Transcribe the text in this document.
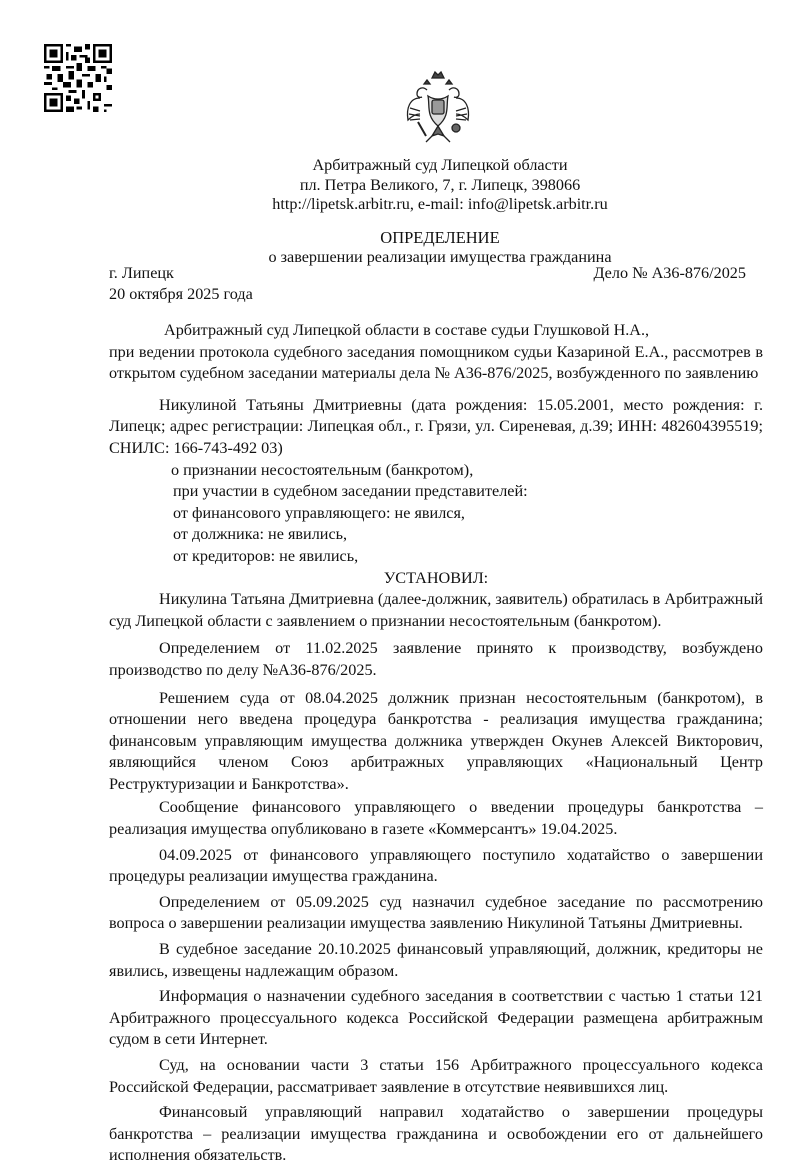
Арбитражный суд Липецкой области
пл. Петра Великого, 7, г. Липецк, 398066
http://lipetsk.arbitr.ru, e-mail: info@lipetsk.arbitr.ru
ОПРЕДЕЛЕНИЕ
о завершении реализации имущества гражданина
г. Липецк	Дело № А36-876/2025
20 октября 2025 года

Арбитражный суд Липецкой области в составе судьи Глушковой Н.А.,

при ведении протокола судебного заседания помощником судьи Казариной Е.А., рассмотрев в открытом судебном заседании материалы дела № А36-876/2025, возбужденного по заявлению

Никулиной Татьяны Дмитриевны (дата рождения: 15.05.2001, место рождения: г. Липецк; адрес регистрации: Липецкая обл., г. Грязи, ул. Сиреневая, д.39; ИНН: 482604395519; СНИЛС: 166-743-492 03)

о признании несостоятельным (банкротом),

при участии в судебном заседании представителей:

от финансового управляющего: не явился,

от должника: не явились,

от кредиторов: не явились,

УСТАНОВИЛ:

Никулина Татьяна Дмитриевна (далее-должник, заявитель) обратилась в Арбитражный суд Липецкой области с заявлением о признании несостоятельным (банкротом).

Определением от 11.02.2025 заявление принято к производству, возбуждено производство по делу №А36-876/2025.

Решением суда от 08.04.2025 должник признан несостоятельным (банкротом), в отношении него введена процедура банкротства - реализация имущества гражданина; финансовым управляющим имущества должника утвержден Окунев Алексей Викторович, являющийся членом Союз арбитражных управляющих «Национальный Центр Реструктуризации и Банкротства».

Сообщение финансового управляющего о введении процедуры банкротства – реализация имущества опубликовано в газете «Коммерсантъ» 19.04.2025.

04.09.2025 от финансового управляющего поступило ходатайство о завершении процедуры реализации имущества гражданина.

Определением от 05.09.2025 суд назначил судебное заседание по рассмотрению вопроса о завершении реализации имущества заявлению Никулиной Татьяны Дмитриевны.

В судебное заседание 20.10.2025 финансовый управляющий, должник, кредиторы не явились, извещены надлежащим образом.

Информация о назначении судебного заседания в соответствии с частью 1 статьи 121 Арбитражного процессуального кодекса Российской Федерации размещена арбитражным судом в сети Интернет.

Суд, на основании части 3 статьи 156 Арбитражного процессуального кодекса Российской Федерации, рассматривает заявление в отсутствие неявившихся лиц.

Финансовый управляющий направил ходатайство о завершении процедуры банкротства – реализации имущества гражданина и освобождении его от дальнейшего исполнения обязательств.
